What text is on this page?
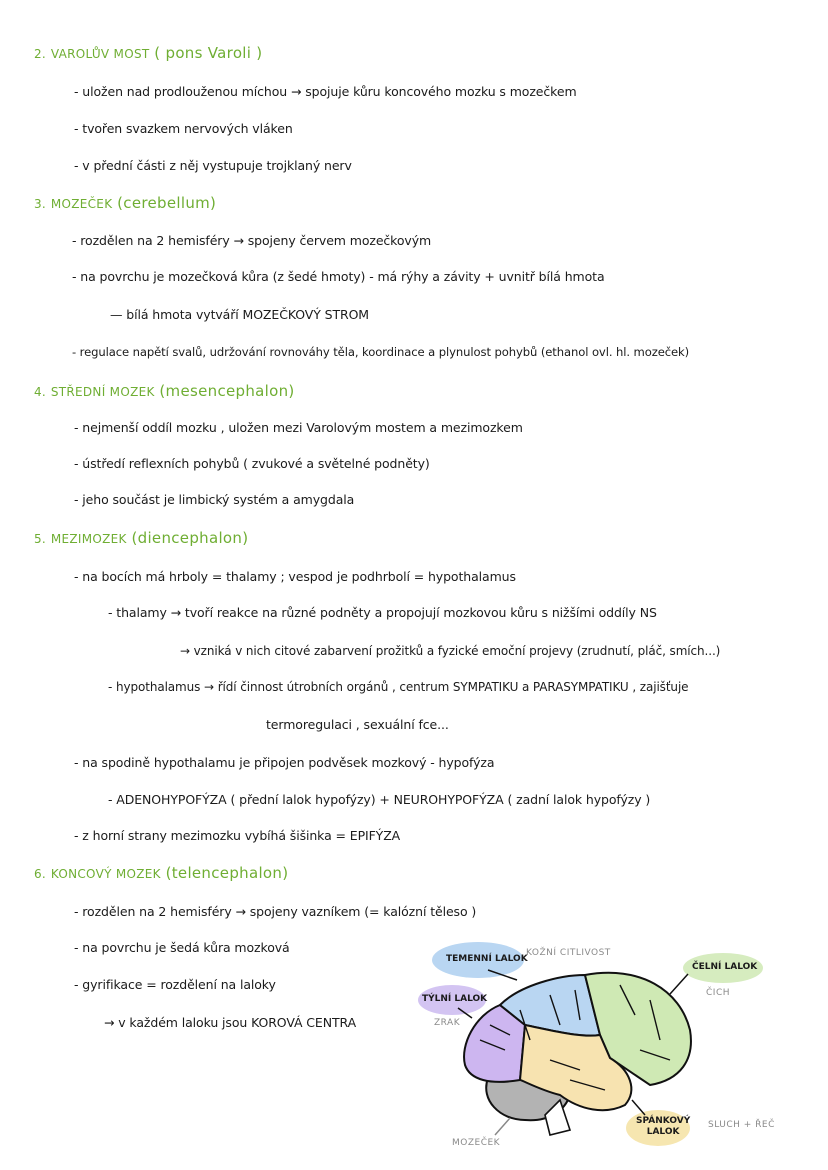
2. VAROLŮV MOST ( pons Varoli )
- uložen nad prodlouženou míchou → spojuje kůru koncového mozku s mozečkem
- tvořen svazkem nervových vláken
- v přední části z něj vystupuje trojklaný nerv
3. MOZEČEK (cerebellum)
- rozdělen na 2 hemisféry → spojeny červem mozečkovým
- na povrchu je mozečková kůra (z šedé hmoty) - má rýhy a závity + uvnitř bílá hmota
— bílá hmota vytváří MOZEČKOVÝ STROM
- regulace napětí svalů, udržování rovnováhy těla, koordinace a plynulost pohybů (ethanol ovl. hl. mozeček)
4. STŘEDNÍ MOZEK (mesencephalon)
- nejmenší oddíl mozku , uložen mezi Varolovým mostem a mezimozkem
- ústředí reflexních pohybů ( zvukové a světelné podněty)
- jeho součást je limbický systém a amygdala
5. MEZIMOZEK (diencephalon)
- na bocích má hrboly = thalamy ; vespod je podhrbolí = hypothalamus
- thalamy → tvoří reakce na různé podněty a propojují mozkovou kůru s nižšími oddíly NS
→ vzniká v nich citové zabarvení prožitků a fyzické emoční projevy (zrudnutí, pláč, smích...)
- hypothalamus → řídí činnost útrobních orgánů , centrum SYMPATIKU a PARASYMPATIKU , zajišťuje
termoregulaci , sexuální fce...
- na spodině hypothalamu je připojen podvěsek mozkový - hypofýza
- ADENOHYPOFÝZA ( přední lalok hypofýzy) + NEUROHYPOFÝZA ( zadní lalok hypofýzy )
- z horní strany mezimozku vybíhá šišinka = EPIFÝZA
6. KONCOVÝ MOZEK (telencephalon)
- rozdělen na 2 hemisféry → spojeny vazníkem (= kalózní těleso )
- na povrchu je šedá kůra mozková
- gyrifikace = rozdělení na laloky
→ v každém laloku jsou KOROVÁ CENTRA
TEMENNÍ LALOK
KOŽNÍ CITLIVOST
TÝLNÍ LALOK
ZRAK
ČELNÍ LALOK
ČICH
SPÁNKOVÝ
LALOK
SLUCH + ŘEČ
MOZEČEK
